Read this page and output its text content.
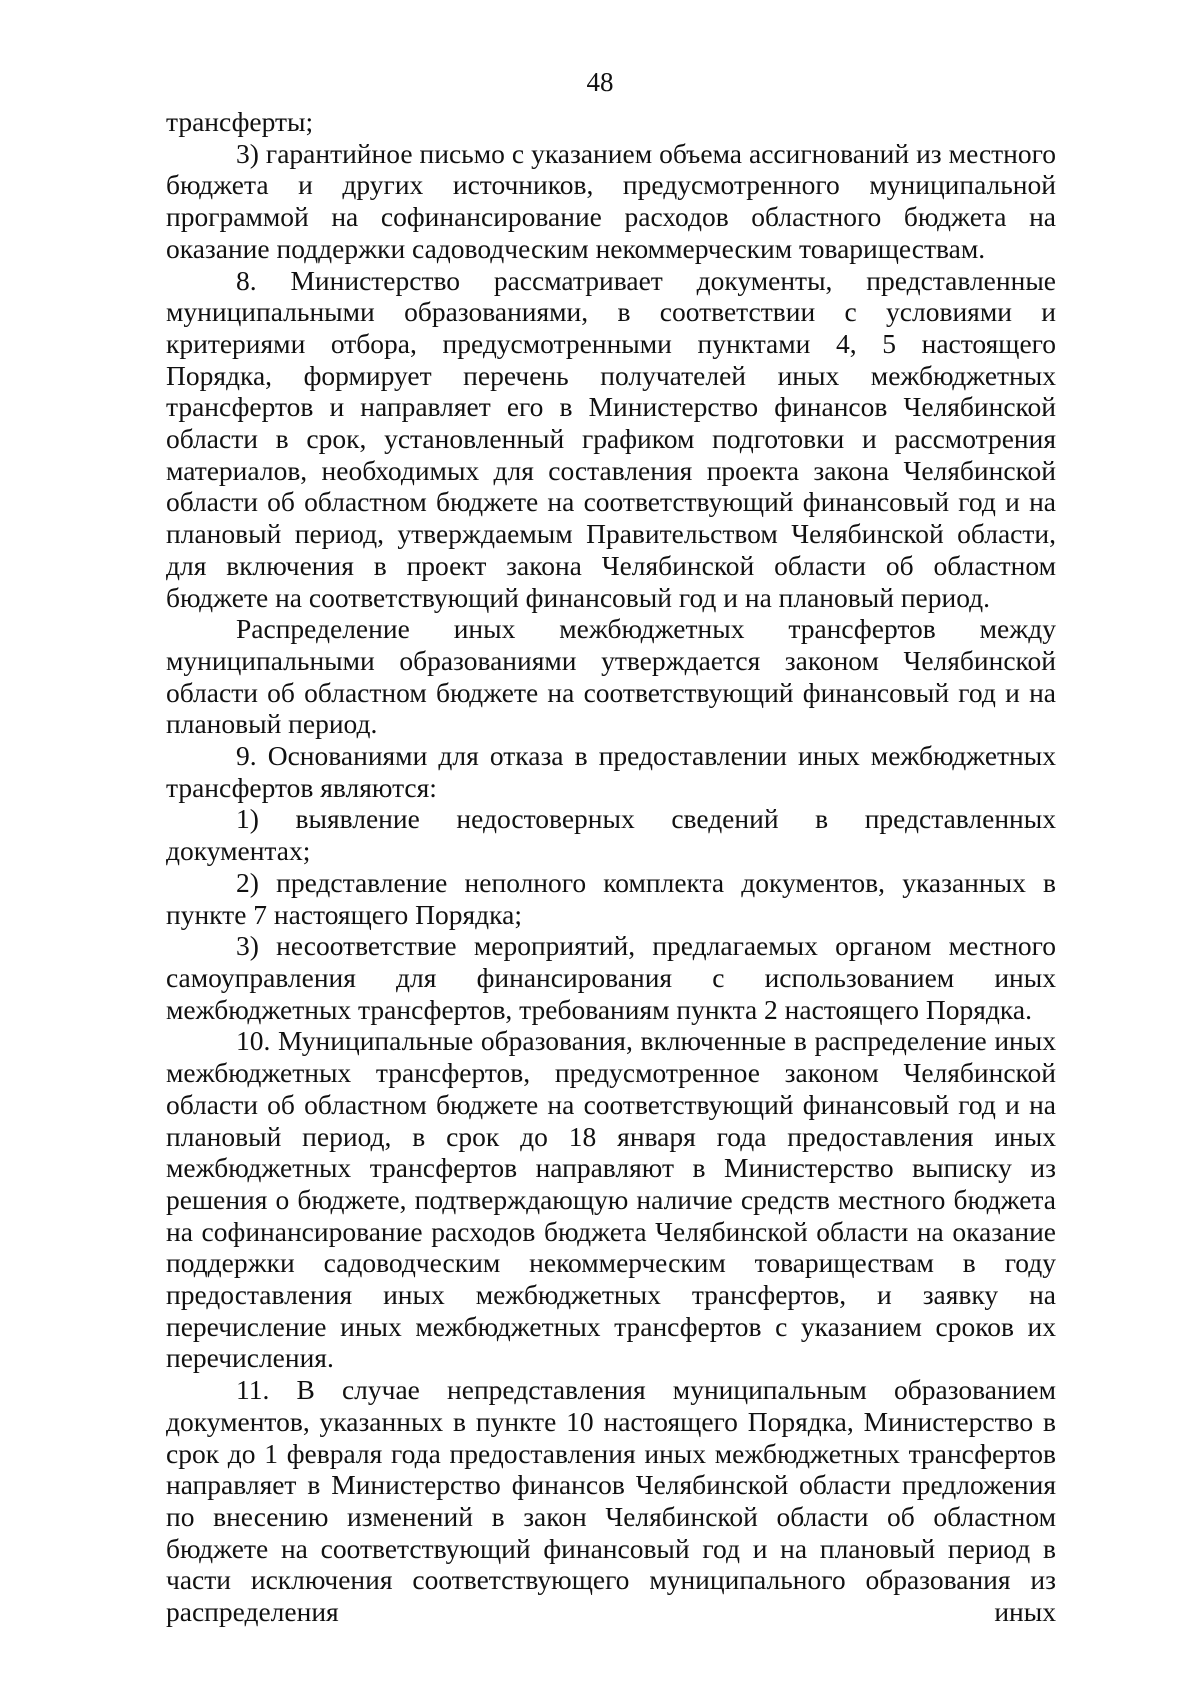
48

трансферты;

3) гарантийное письмо с указанием объема ассигнований из местного бюджета и других источников, предусмотренного муниципальной программой на софинансирование расходов областного бюджета на оказание поддержки садоводческим некоммерческим товариществам.

8. Министерство рассматривает документы, представленные муниципальными образованиями, в соответствии с условиями и критериями отбора, предусмотренными пунктами 4, 5 настоящего Порядка, формирует перечень получателей иных межбюджетных трансфертов и направляет его в Министерство финансов Челябинской области в срок, установленный графиком подготовки и рассмотрения материалов, необходимых для составления проекта закона Челябинской области об областном бюджете на соответствующий финансовый год и на плановый период, утверждаемым Правительством Челябинской области, для включения в проект закона Челябинской области об областном бюджете на соответствующий финансовый год и на плановый период.

Распределение иных межбюджетных трансфертов между муниципальными образованиями утверждается законом Челябинской области об областном бюджете на соответствующий финансовый год и на плановый период.

9. Основаниями для отказа в предоставлении иных межбюджетных трансфертов являются:

1) выявление недостоверных сведений в представленных документах;

2) представление неполного комплекта документов, указанных в пункте 7 настоящего Порядка;

3) несоответствие мероприятий, предлагаемых органом местного самоуправления для финансирования с использованием иных межбюджетных трансфертов, требованиям пункта 2 настоящего Порядка.

10. Муниципальные образования, включенные в распределение иных межбюджетных трансфертов, предусмотренное законом Челябинской области об областном бюджете на соответствующий финансовый год и на плановый период, в срок до 18 января года предоставления иных межбюджетных трансфертов направляют в Министерство выписку из решения о бюджете, подтверждающую наличие средств местного бюджета на софинансирование расходов бюджета Челябинской области на оказание поддержки садоводческим некоммерческим товариществам в году предоставления иных межбюджетных трансфертов, и заявку на перечисление иных межбюджетных трансфертов с указанием сроков их перечисления.

11. В случае непредставления муниципальным образованием документов, указанных в пункте 10 настоящего Порядка, Министерство в срок до 1 февраля года предоставления иных межбюджетных трансфертов направляет в Министерство финансов Челябинской области предложения по внесению изменений в закон Челябинской области об областном бюджете на соответствующий финансовый год и на плановый период в части исключения соответствующего муниципального образования из распределения иных
